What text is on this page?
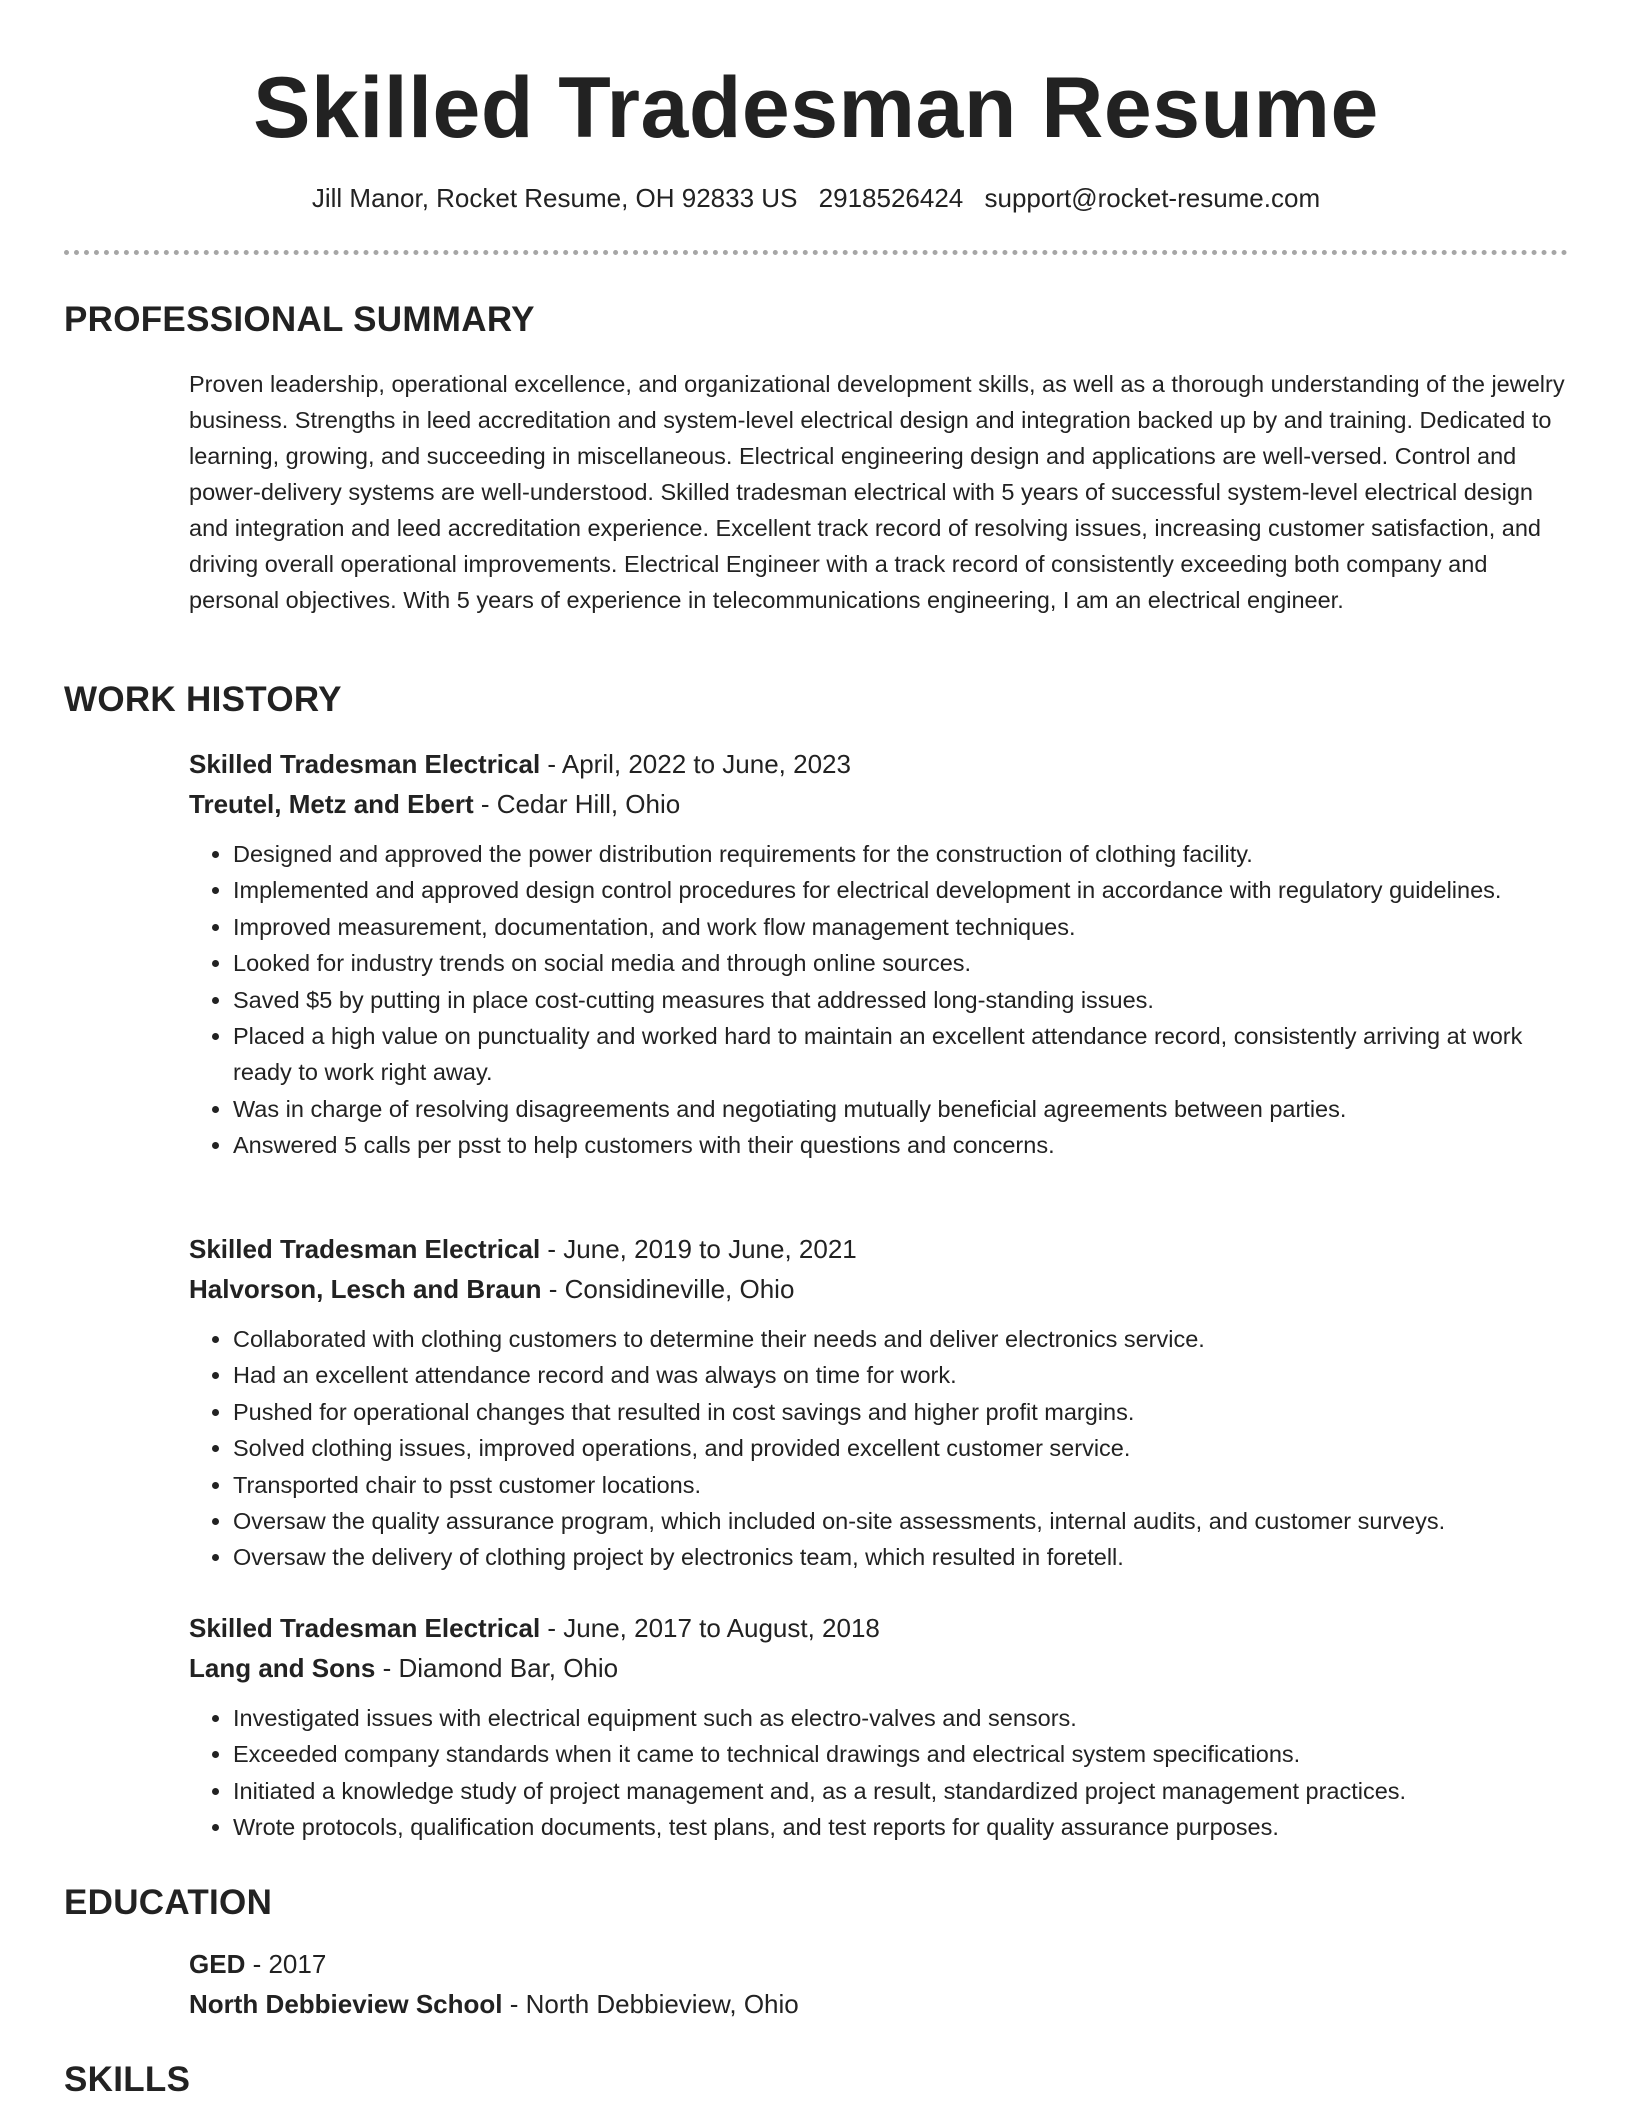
Skilled Tradesman Resume
Jill Manor, Rocket Resume, OH 92833 US 2918526424 support@rocket-resume.com
PROFESSIONAL SUMMARY

Proven leadership, operational excellence, and organizational development skills, as well as a thorough understanding of the jewelry business. Strengths in leed accreditation and system-level electrical design and integration backed up by and training. Dedicated to learning, growing, and succeeding in miscellaneous. Electrical engineering design and applications are well-versed. Control and power-delivery systems are well-understood. Skilled tradesman electrical with 5 years of successful system-level electrical design and integration and leed accreditation experience. Excellent track record of resolving issues, increasing customer satisfaction, and driving overall operational improvements. Electrical Engineer with a track record of consistently exceeding both company and personal objectives. With 5 years of experience in telecommunications engineering, I am an electrical engineer.

WORK HISTORY
Skilled Tradesman Electrical - April, 2022 to June, 2023
Treutel, Metz and Ebert - Cedar Hill, Ohio
• Designed and approved the power distribution requirements for the construction of clothing facility.
• Implemented and approved design control procedures for electrical development in accordance with regulatory guidelines.
• Improved measurement, documentation, and work flow management techniques.
• Looked for industry trends on social media and through online sources.
• Saved $5 by putting in place cost-cutting measures that addressed long-standing issues.
• Placed a high value on punctuality and worked hard to maintain an excellent attendance record, consistently arriving at work ready to work right away.
• Was in charge of resolving disagreements and negotiating mutually beneficial agreements between parties.
• Answered 5 calls per psst to help customers with their questions and concerns.
Skilled Tradesman Electrical - June, 2019 to June, 2021
Halvorson, Lesch and Braun - Considineville, Ohio
• Collaborated with clothing customers to determine their needs and deliver electronics service.
• Had an excellent attendance record and was always on time for work.
• Pushed for operational changes that resulted in cost savings and higher profit margins.
• Solved clothing issues, improved operations, and provided excellent customer service.
• Transported chair to psst customer locations.
• Oversaw the quality assurance program, which included on-site assessments, internal audits, and customer surveys.
• Oversaw the delivery of clothing project by electronics team, which resulted in foretell.
Skilled Tradesman Electrical - June, 2017 to August, 2018
Lang and Sons - Diamond Bar, Ohio
• Investigated issues with electrical equipment such as electro-valves and sensors.
• Exceeded company standards when it came to technical drawings and electrical system specifications.
• Initiated a knowledge study of project management and, as a result, standardized project management practices.
• Wrote protocols, qualification documents, test plans, and test reports for quality assurance purposes.
EDUCATION
GED - 2017
North Debbieview School - North Debbieview, Ohio
SKILLS
